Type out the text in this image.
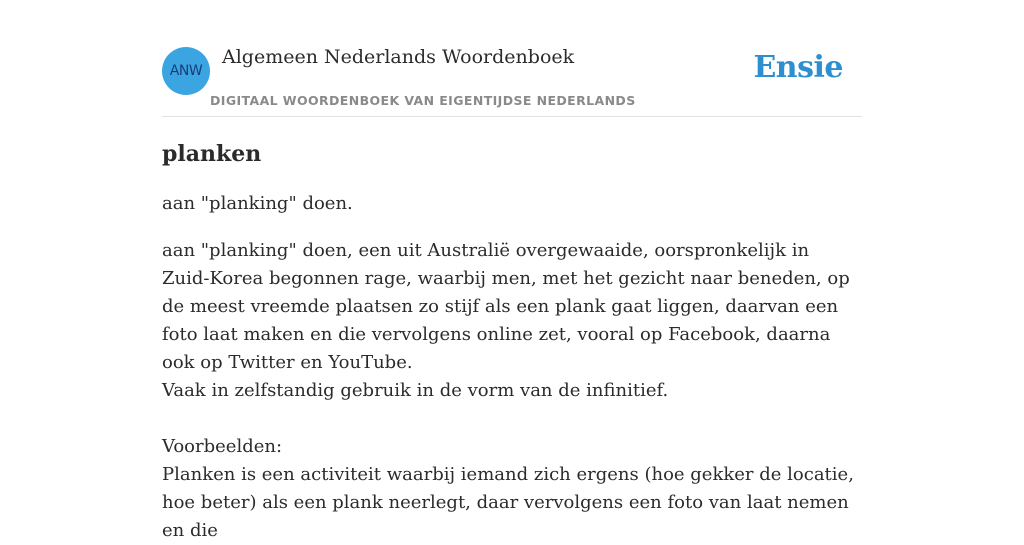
ANW
Algemeen Nederlands Woordenboek
DIGITAAL WOORDENBOEK VAN EIGENTIJDSE NEDERLANDS
Ensie
planken

aan "planking" doen.

aan "planking" doen, een uit Australië overgewaaide, oorspronkelijk in Zuid-Korea begonnen rage, waarbij men, met het gezicht naar beneden, op de meest vreemde plaatsen zo stijf als een plank gaat liggen, daarvan een foto laat maken en die vervolgens online zet, vooral op Facebook, daarna ook op Twitter en YouTube.

Vaak in zelfstandig gebruik in de vorm van de infinitief.

Voorbeelden:

Planken is een activiteit waarbij iemand zich ergens (hoe gekker de locatie, hoe beter) als een plank neerlegt, daar vervolgens een foto van laat nemen en die
